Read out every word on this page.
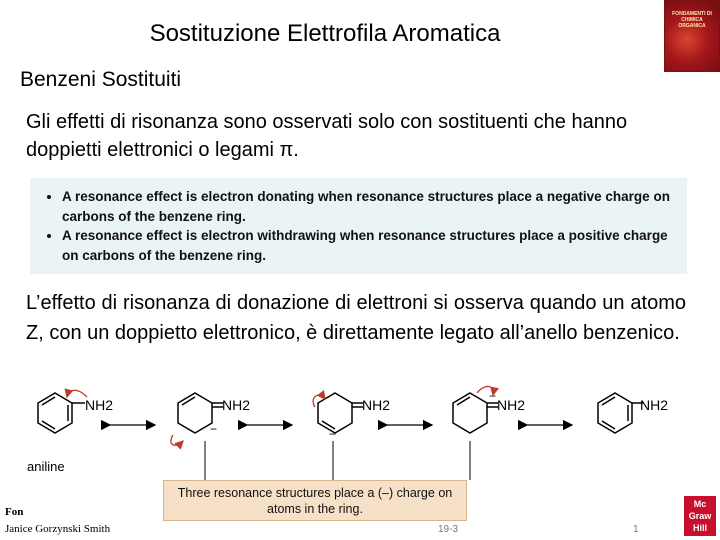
Sostituzione Elettrofila Aromatica
FONDAMENTI DI CHIMICA ORGANICA
Benzeni Sostituiti
Gli effetti di risonanza sono osservati solo con sostituenti che hanno doppietti elettronici o legami π.
• A resonance effect is electron donating when resonance structures place a negative charge on carbons of the benzene ring.
• A resonance effect is electron withdrawing when resonance structures place a positive charge on carbons of the benzene ring.
L’effetto di risonanza di donazione di elettroni si osserva quando un atomo Z, con un doppietto elettronico, è direttamente legato all’anello benzenico.
NH2
aniline
NH2
−
NH2
−
NH2
−
NH2
Three resonance structures place a (–) charge on atoms in the ring.
Fon
Janice Gorzynski Smith	19-3	1
Mc
Graw
Hill
